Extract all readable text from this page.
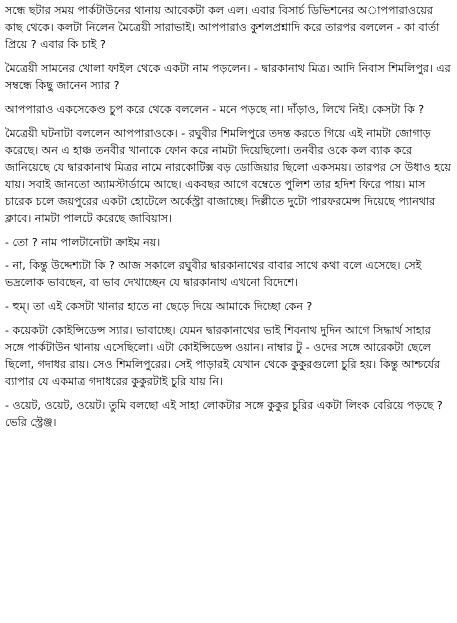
সন্ধে ছটার সময় পার্কটাউনের থানায় আবেকটা কল এল। এবার বিসার্চ ডিভিশনের অাপপারাওয়ের কাছ থেকে। কলটা নিলেন মৈত্রেয়ী সারাভাই। আপপারাও কুশলপ্রশ্নাদি করে তারপর বললেন - কা বার্তা প্রিয়ে ? এবার কি চাই ?

মৈত্রেয়ী সামনের খোলা ফাইল থেকে একটা নাম পড়লেন। - দ্বারকানাথ মিত্র। আদি নিবাস শিমলিপুর। এর সম্বন্ধে কিছু জানেন স্যার ?

আপপারাও একসেকেণ্ড চুপ করে থেকে বললেন - মনে পড়ছে না। দাঁড়াও, লিখে নিই। কেসটা কি ?

মৈত্রেয়ী ঘটনাটা বললেন আপপারাওকে। - রঘুবীর শিমলিপুরে তদন্ত করতে গিয়ে এই নামটা জোগাড় করেছে। অন এ হাঞ্চ তনবীর খানাকে ফোন করে নামটা দিয়েছিলো। তনবীর ওকে কল ব্যাক করে জানিয়েছে যে দ্বারকানাথ মিত্রর নামে নারকোটিক্স বড় ডোজিয়ার ছিলো একসময়। তারপর সে উধাও হয়ে যায়। সবাই জানতো অ্যামস্টার্ডামে আছে। একবছর আগে বম্বেতে পুলিশ তার হদিশ ফিরে পায়। মাস চারেক চলে জয়পুরের একটা হোটেলে অর্কেস্ট্রা বাজাচ্ছে। দিল্লীতে দুটো পারফরমেন্স দিয়েছে প্যানথার ক্লাবে। নামটা পালটে করেছে জাবিয়াস।

- তো ? নাম পালটানোটা ক্রাইম নয়।

- না, কিন্তু উদ্দেশ্যটা কি ? আজ সকালে রঘুবীর দ্বারকানাথের বাবার সাথে কথা বলে এসেছে। সেই ভদ্রলোক ভাবছেন, বা ভাব দেখাচ্ছেন যে দ্বারকানাথ এখনো বিদেশে।

- হুম্। তা এই কেসটা খানার হাতে না ছেড়ে দিয়ে আমাকে দিচ্ছো কেন ?

- কয়েকটা কোইন্সিডেন্স স্যার। ভাবাচ্ছে। যেমন দ্বারকানাথের ভাই শিবনাথ দুদিন আগে সিদ্ধার্থ সাহার সঙ্গে পার্কটাউন থানায় এসেছিলো। এটা কোইন্সিডেন্স ওয়ান। নাম্বার টু - ওদের সঙ্গে আরেকটা ছেলে ছিলো, গদাধর রায়। সেও শিমলিপুরের। সেই পাড়ারই যেখান থেকে কুকুরগুলো চুরি হয়। কিন্তু আশ্চর্যের ব্যাপার যে একমাত্র গদাধরের কুকুরটাই চুরি যায় নি।

- ওয়েট, ওয়েট, ওয়েট। তুমি বলছো এই সাহা লোকটার সঙ্গে কুকুর চুরির একটা লিংক বেরিয়ে পড়ছে ? ভেরি স্ট্রেঞ্জ।
